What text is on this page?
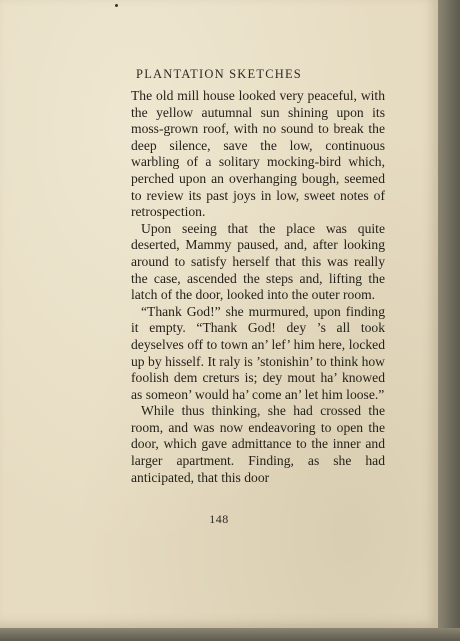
PLANTATION SKETCHES

The old mill house looked very peaceful, with the yellow autumnal sun shining upon its moss-grown roof, with no sound to break the deep silence, save the low, continuous warbling of a solitary mocking-bird which, perched upon an overhanging bough, seemed to review its past joys in low, sweet notes of retrospection.

Upon seeing that the place was quite deserted, Mammy paused, and, after looking around to satisfy herself that this was really the case, ascended the steps and, lifting the latch of the door, looked into the outer room.

“Thank God!” she murmured, upon finding it empty. “Thank God! dey ’s all took deyselves off to town an’ lef’ him here, locked up by hisself. It raly is ’stonishin’ to think how foolish dem creturs is; dey mout ha’ knowed as someon’ would ha’ come an’ let him loose.”

While thus thinking, she had crossed the room, and was now endeavoring to open the door, which gave admittance to the inner and larger apartment. Finding, as she had anticipated, that this door

148
